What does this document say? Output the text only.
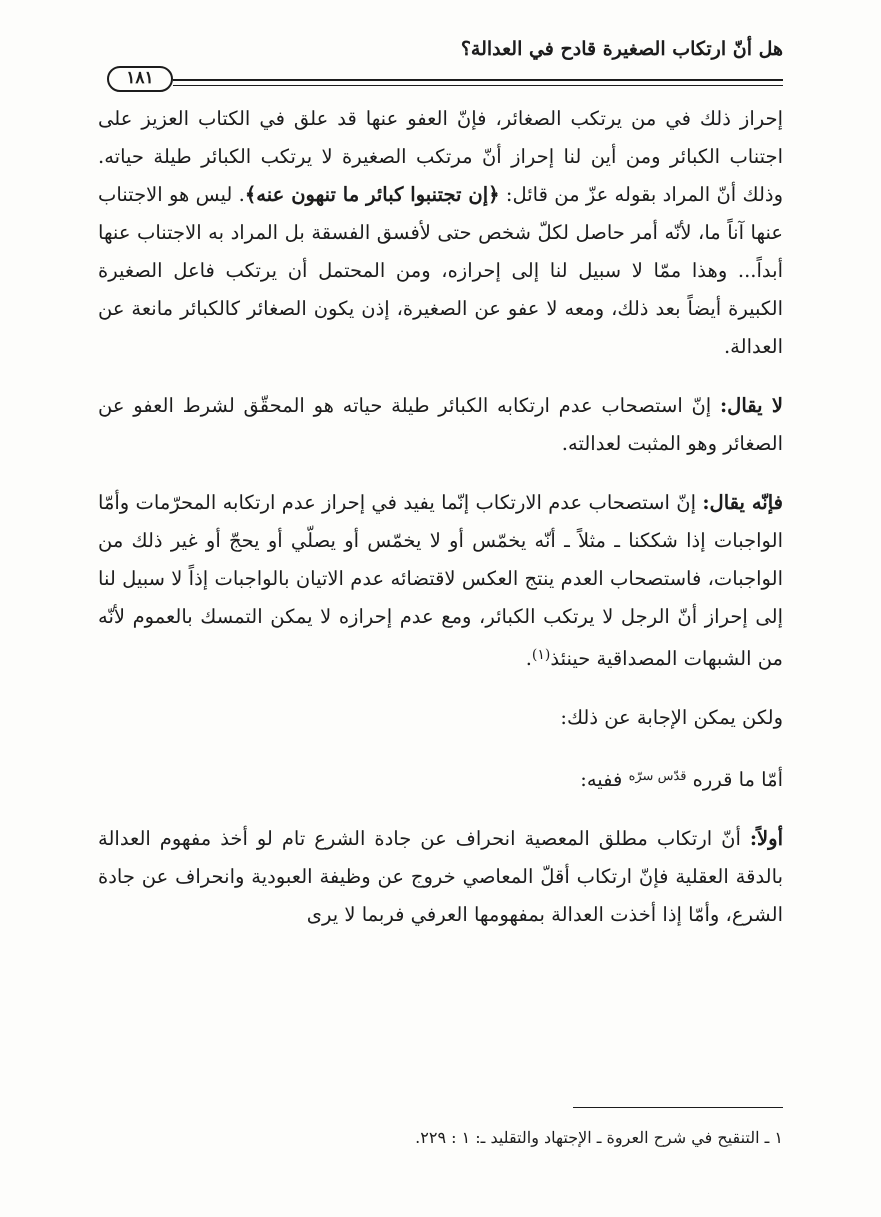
هل أنّ ارتكاب الصغيرة قادح في العدالة؟
١٨١

إحراز ذلك في من يرتكب الصغائر، فإنّ العفو عنها قد علق في الكتاب العزيز على اجتناب الكبائر ومن أين لنا إحراز أنّ مرتكب الصغيرة لا يرتكب الكبائر طيلة حياته. وذلك أنّ المراد بقوله عزّ من قائل: ﴿إن تجتنبوا كبائر ما تنهون عنه﴾. ليس هو الاجتناب عنها آناً ما، لأنّه أمر حاصل لكلّ شخص حتى لأفسق الفسقة بل المراد به الاجتناب عنها أبداً... وهذا ممّا لا سبيل لنا إلى إحرازه، ومن المحتمل أن يرتكب فاعل الصغيرة الكبيرة أيضاً بعد ذلك، ومعه لا عفو عن الصغيرة، إذن يكون الصغائر كالكبائر مانعة عن العدالة.

لا يقال: إنّ استصحاب عدم ارتكابه الكبائر طيلة حياته هو المحقّق لشرط العفو عن الصغائر وهو المثبت لعدالته.

فإنّه يقال: إنّ استصحاب عدم الارتكاب إنّما يفيد في إحراز عدم ارتكابه المحرّمات وأمّا الواجبات إذا شككنا ـ مثلاً ـ أنّه يخمّس أو لا يخمّس أو يصلّي أو يحجّ أو غير ذلك من الواجبات، فاستصحاب العدم ينتج العكس لاقتضائه عدم الاتيان بالواجبات إذاً لا سبيل لنا إلى إحراز أنّ الرجل لا يرتكب الكبائر، ومع عدم إحرازه لا يمكن التمسك بالعموم لأنّه من الشبهات المصداقية حينئذ$^{(١)}$.

ولكن يمكن الإجابة عن ذلك:

أمّا ما قرره $^{قدّس سرّه}$ ففيه:

أولاً: أنّ ارتكاب مطلق المعصية انحراف عن جادة الشرع تام لو أخذ مفهوم العدالة بالدقة العقلية فإنّ ارتكاب أقلّ المعاصي خروج عن وظيفة العبودية وانحراف عن جادة الشرع، وأمّا إذا أخذت العدالة بمفهومها العرفي فربما لا يرى

١ ـ التنقيح في شرح العروة ـ الإجتهاد والتقليد ـ: ١ : ٢٢٩.
